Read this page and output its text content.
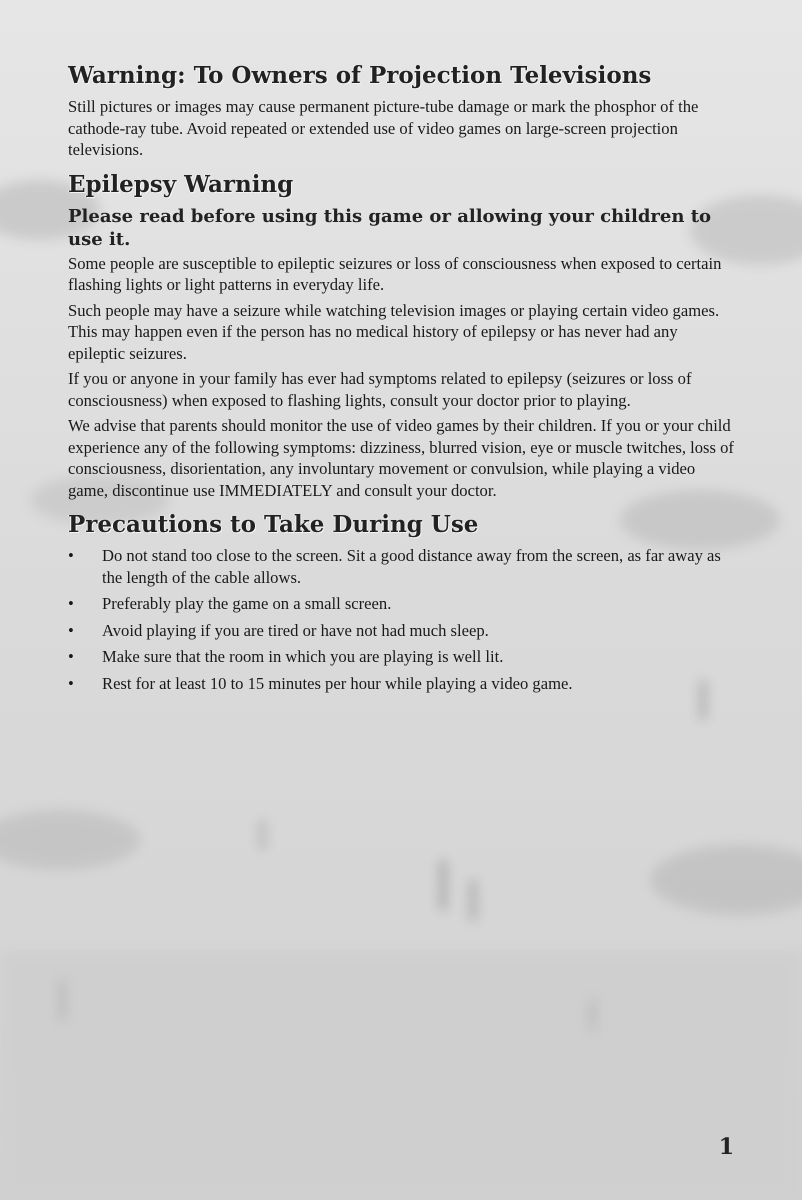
Warning: To Owners of Projection Televisions

Still pictures or images may cause permanent picture-tube damage or mark the phosphor of the cathode-ray tube. Avoid repeated or extended use of video games on large-screen projection televisions.

Epilepsy Warning
Please read before using this game or allowing your children to use it.

Some people are susceptible to epileptic seizures or loss of consciousness when exposed to certain flashing lights or light patterns in everyday life.

Such people may have a seizure while watching television images or playing certain video games. This may happen even if the person has no medical history of epilepsy or has never had any epileptic seizures.

If you or anyone in your family has ever had symptoms related to epilepsy (seizures or loss of consciousness) when exposed to flashing lights, consult your doctor prior to playing.

We advise that parents should monitor the use of video games by their children. If you or your child experience any of the following symptoms: dizziness, blurred vision, eye or muscle twitches, loss of consciousness, disorientation, any involuntary movement or convulsion, while playing a video game, discontinue use IMMEDIATELY and consult your doctor.

Precautions to Take During Use
• Do not stand too close to the screen. Sit a good distance away from the screen, as far away as the length of the cable allows.
• Preferably play the game on a small screen.
• Avoid playing if you are tired or have not had much sleep.
• Make sure that the room in which you are playing is well lit.
• Rest for at least 10 to 15 minutes per hour while playing a video game.
1
